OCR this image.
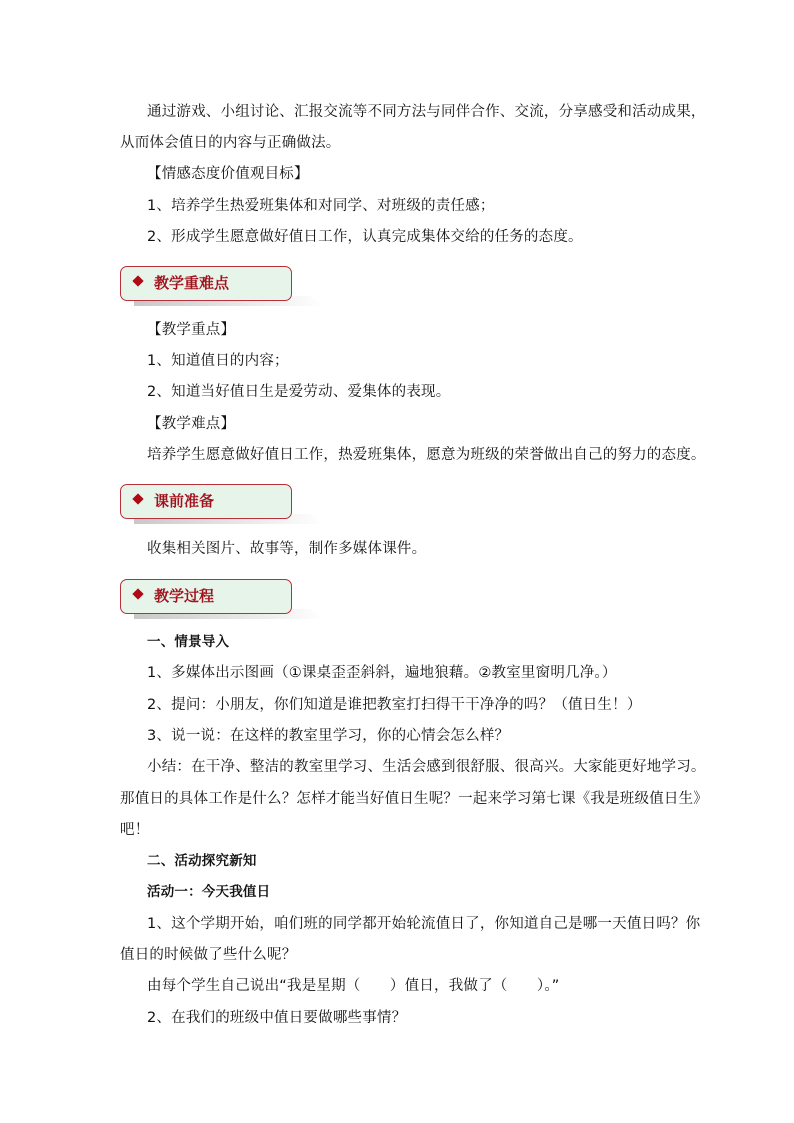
通过游戏、小组讨论、汇报交流等不同方法与同伴合作、交流，分享感受和活动成果，
从而体会值日的内容与正确做法。
【情感态度价值观目标】
1、培养学生热爱班集体和对同学、对班级的责任感；
2、形成学生愿意做好值日工作，认真完成集体交给的任务的态度。
教学重难点
【教学重点】
1、知道值日的内容；
2、知道当好值日生是爱劳动、爱集体的表现。
【教学难点】
培养学生愿意做好值日工作，热爱班集体，愿意为班级的荣誉做出自己的努力的态度。
课前准备
收集相关图片、故事等，制作多媒体课件。
教学过程
一、情景导入
1、多媒体出示图画（①课桌歪歪斜斜，遍地狼藉。②教室里窗明几净。）
2、提问：小朋友，你们知道是谁把教室打扫得干干净净的吗？（值日生！）
3、说一说：在这样的教室里学习，你的心情会怎么样？
小结：在干净、整洁的教室里学习、生活会感到很舒服、很高兴。大家能更好地学习。
那值日的具体工作是什么？怎样才能当好值日生呢？一起来学习第七课《我是班级值日生》
吧！
二、活动探究新知
活动一：今天我值日
1、这个学期开始，咱们班的同学都开始轮流值日了，你知道自己是哪一天值日吗？你
值日的时候做了些什么呢？
由每个学生自己说出“我是星期（　　）值日，我做了（　　）。”
2、在我们的班级中值日要做哪些事情？
